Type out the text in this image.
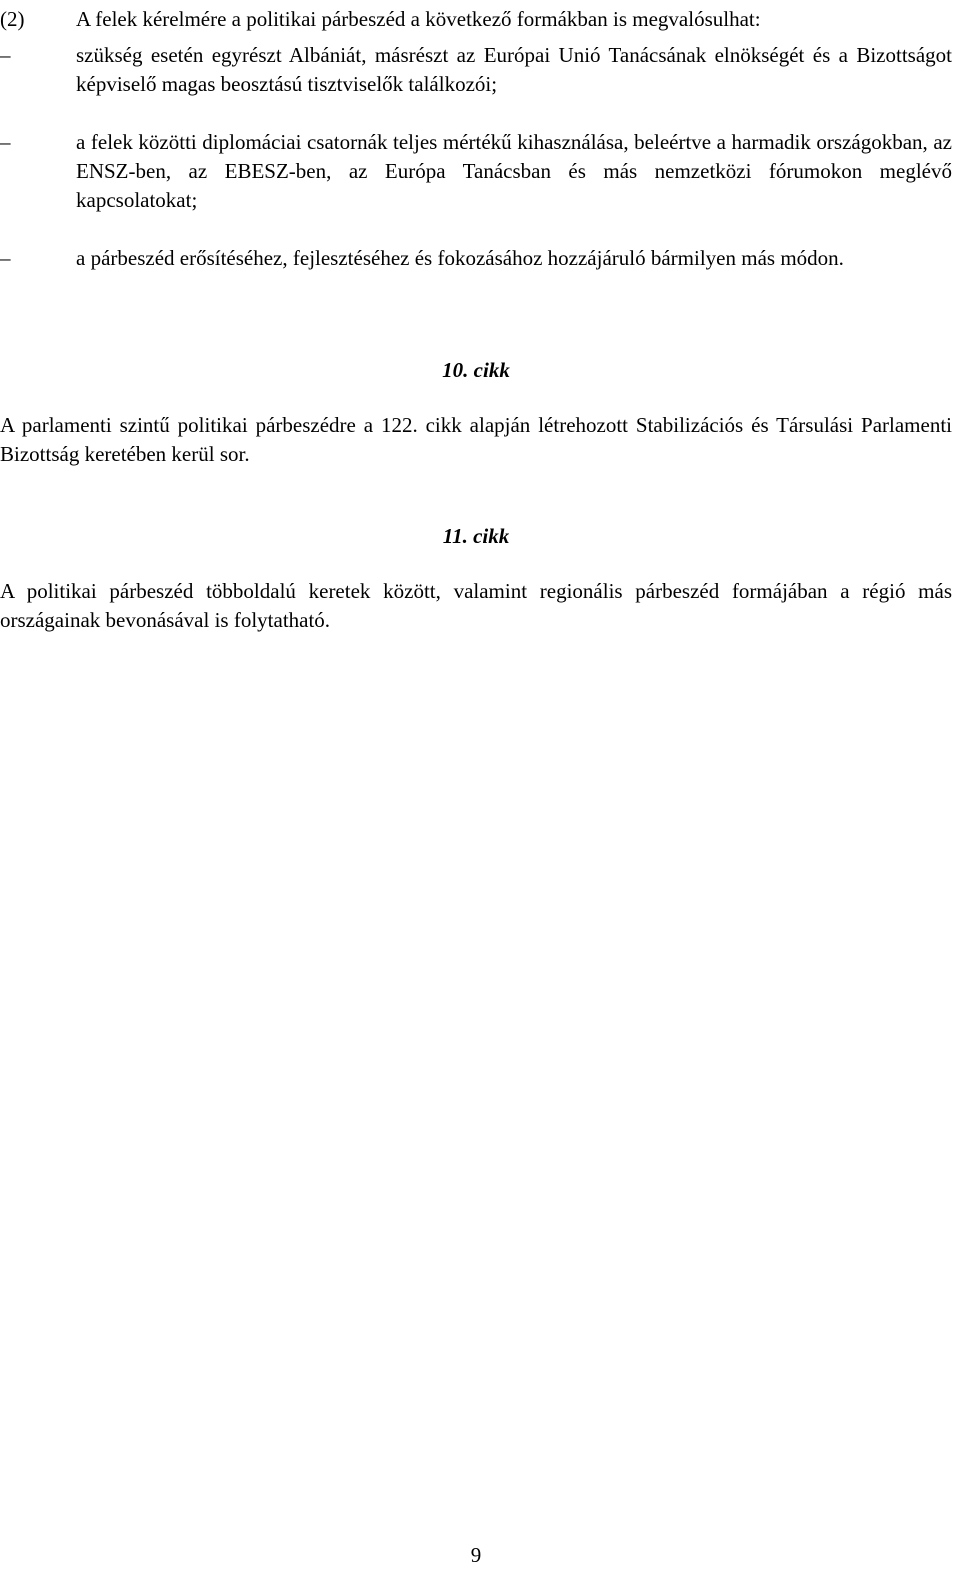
(2) A felek kérelmére a politikai párbeszéd a következő formákban is megvalósulhat:

–	szükség esetén egyrészt Albániát, másrészt az Európai Unió Tanácsának elnökségét és a Bizottságot képviselő magas beosztású tisztviselők találkozói;

–	a felek közötti diplomáciai csatornák teljes mértékű kihasználása, beleértve a harmadik országokban, az ENSZ-ben, az EBESZ-ben, az Európa Tanácsban és más nemzetközi fórumokon meglévő kapcsolatokat;

–	a párbeszéd erősítéséhez, fejlesztéséhez és fokozásához hozzájáruló bármilyen más módon.

10. cikk

A parlamenti szintű politikai párbeszédre a 122. cikk alapján létrehozott Stabilizációs és Társulási Parlamenti Bizottság keretében kerül sor.

11. cikk

A politikai párbeszéd többoldalú keretek között, valamint regionális párbeszéd formájában a régió más országainak bevonásával is folytatható.

9
